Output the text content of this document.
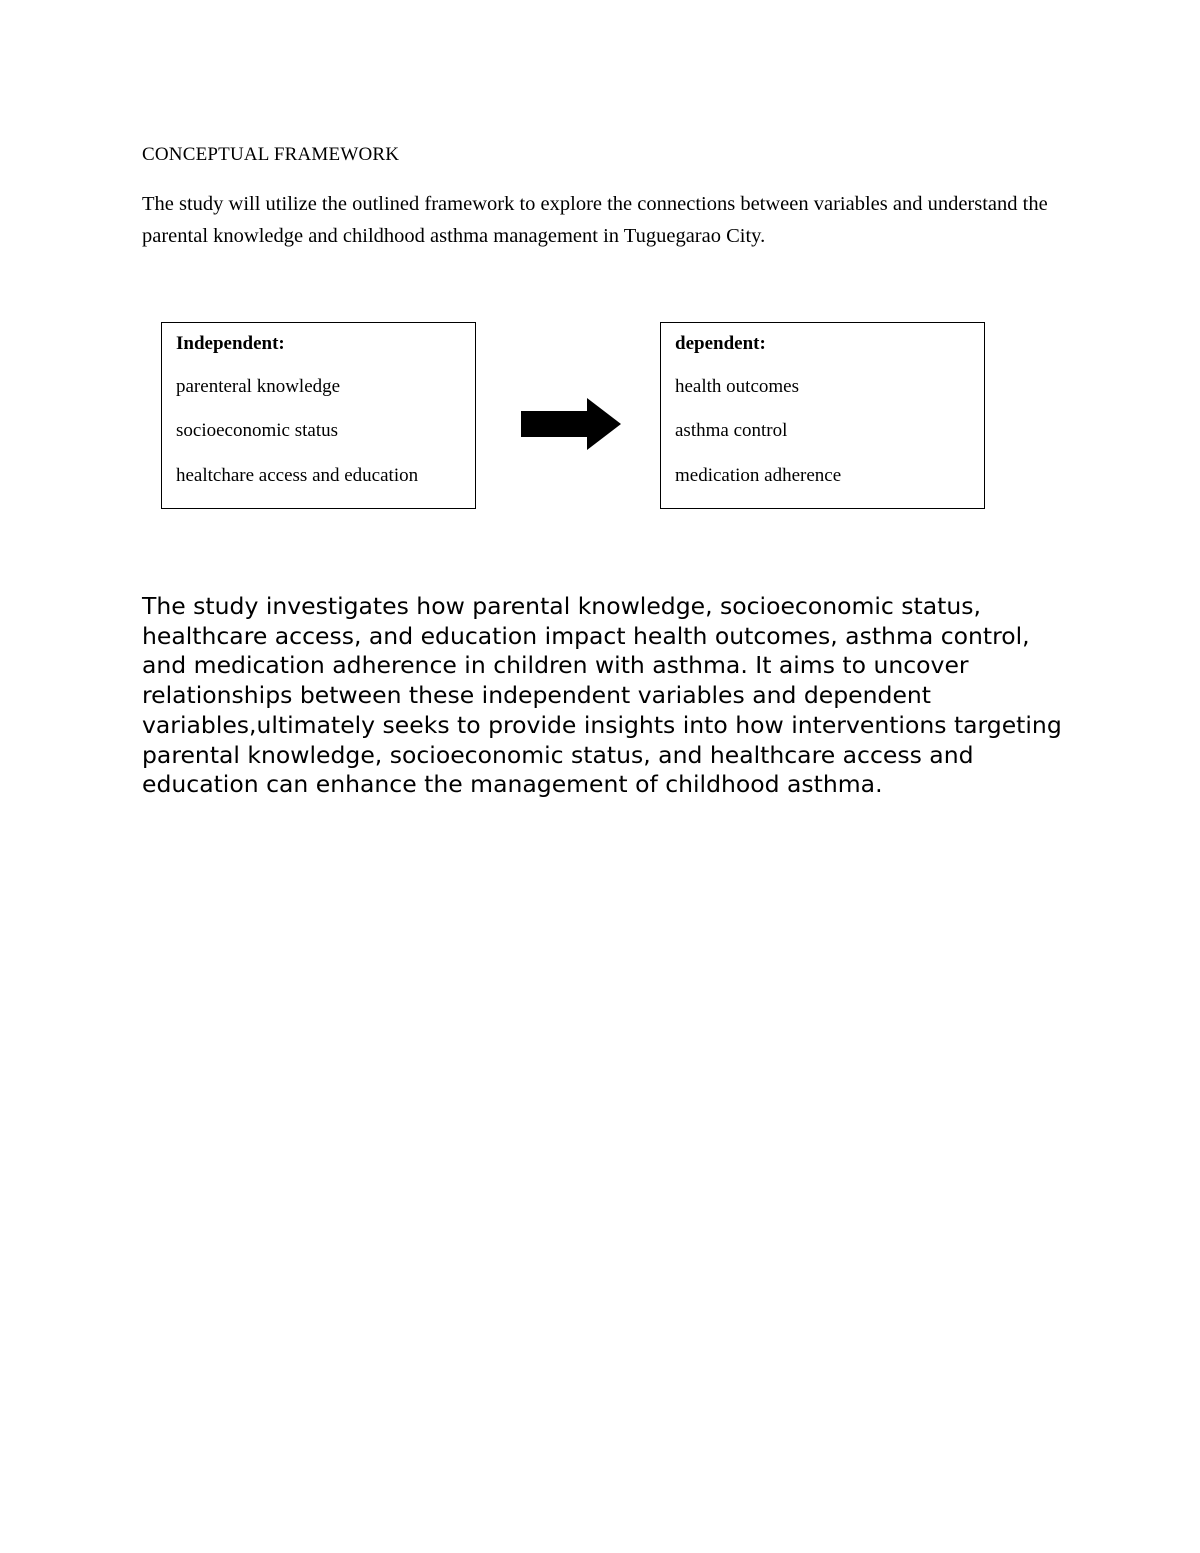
CONCEPTUAL FRAMEWORK

The study will utilize the outlined framework to explore the connections between variables and understand the parental knowledge and childhood asthma management in Tuguegarao City.

Independent:

parenteral knowledge

socioeconomic status

healtchare access and education

dependent:

health outcomes

asthma control

medication adherence

The study investigates how parental knowledge, socioeconomic status, healthcare access, and education impact health outcomes, asthma control, and medication adherence in children with asthma. It aims to uncover relationships between these independent variables and dependent variables,ultimately seeks to provide insights into how interventions targeting parental knowledge, socioeconomic status, and healthcare access and education can enhance the management of childhood asthma.
